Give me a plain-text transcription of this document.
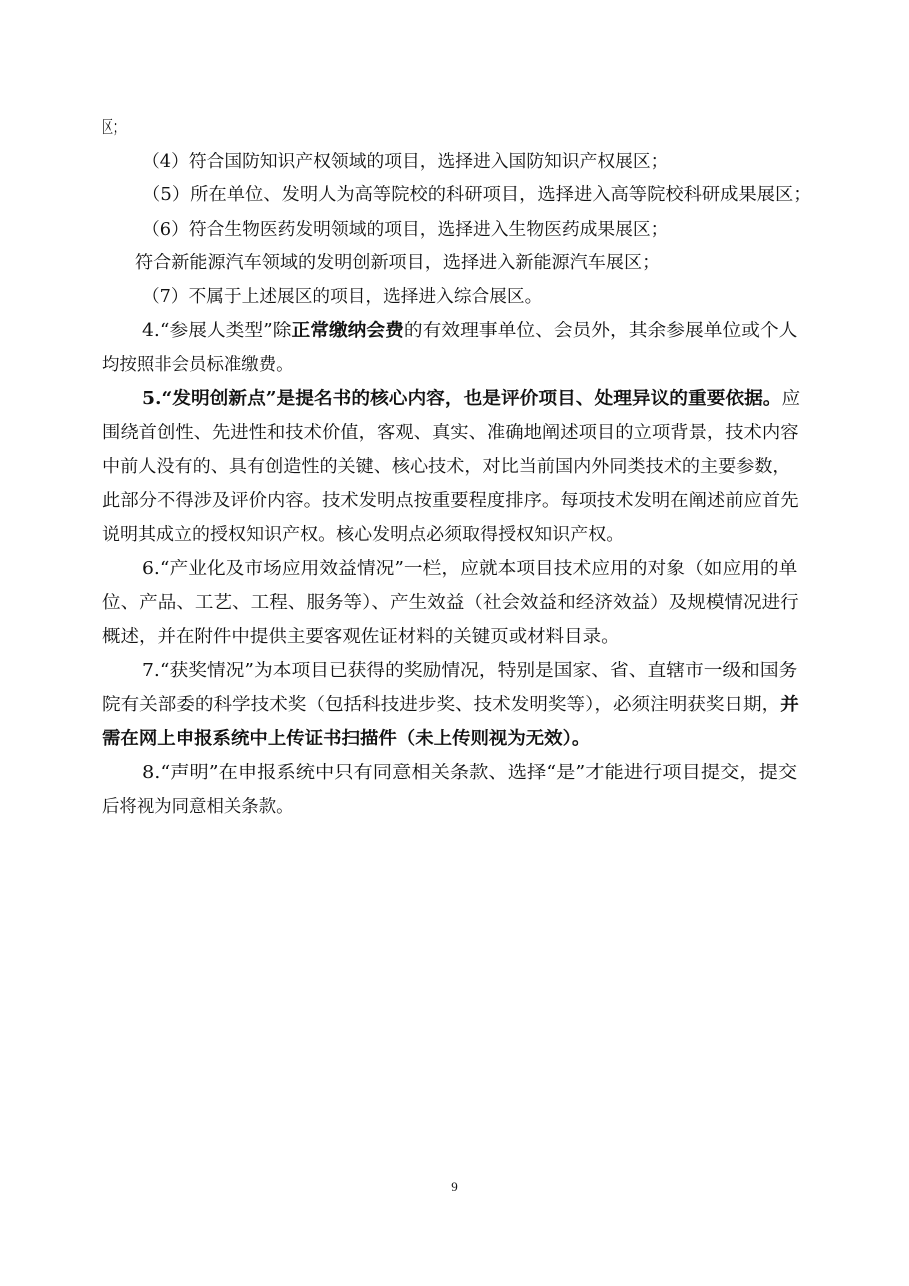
区；
（4）符合国防知识产权领域的项目，选择进入国防知识产权展区；
（5）所在单位、发明人为高等院校的科研项目，选择进入高等院校科研成果展区；
（6）符合生物医药发明领域的项目，选择进入生物医药成果展区；
符合新能源汽车领域的发明创新项目，选择进入新能源汽车展区；
（7）不属于上述展区的项目，选择进入综合展区。
4.“参展人类型”除正常缴纳会费的有效理事单位、会员外，其余参展单位或个人
均按照非会员标准缴费。
5.“发明创新点”是提名书的核心内容，也是评价项目、处理异议的重要依据。应
围绕首创性、先进性和技术价值，客观、真实、准确地阐述项目的立项背景，技术内容
中前人没有的、具有创造性的关键、核心技术，对比当前国内外同类技术的主要参数，
此部分不得涉及评价内容。技术发明点按重要程度排序。每项技术发明在阐述前应首先
说明其成立的授权知识产权。核心发明点必须取得授权知识产权。
6.“产业化及市场应用效益情况”一栏，应就本项目技术应用的对象（如应用的单
位、产品、工艺、工程、服务等）、产生效益（社会效益和经济效益）及规模情况进行
概述，并在附件中提供主要客观佐证材料的关键页或材料目录。
7.“获奖情况”为本项目已获得的奖励情况，特别是国家、省、直辖市一级和国务
院有关部委的科学技术奖（包括科技进步奖、技术发明奖等），必须注明获奖日期，并
需在网上申报系统中上传证书扫描件（未上传则视为无效）。
8.“声明”在申报系统中只有同意相关条款、选择“是”才能进行项目提交，提交
后将视为同意相关条款。
9
